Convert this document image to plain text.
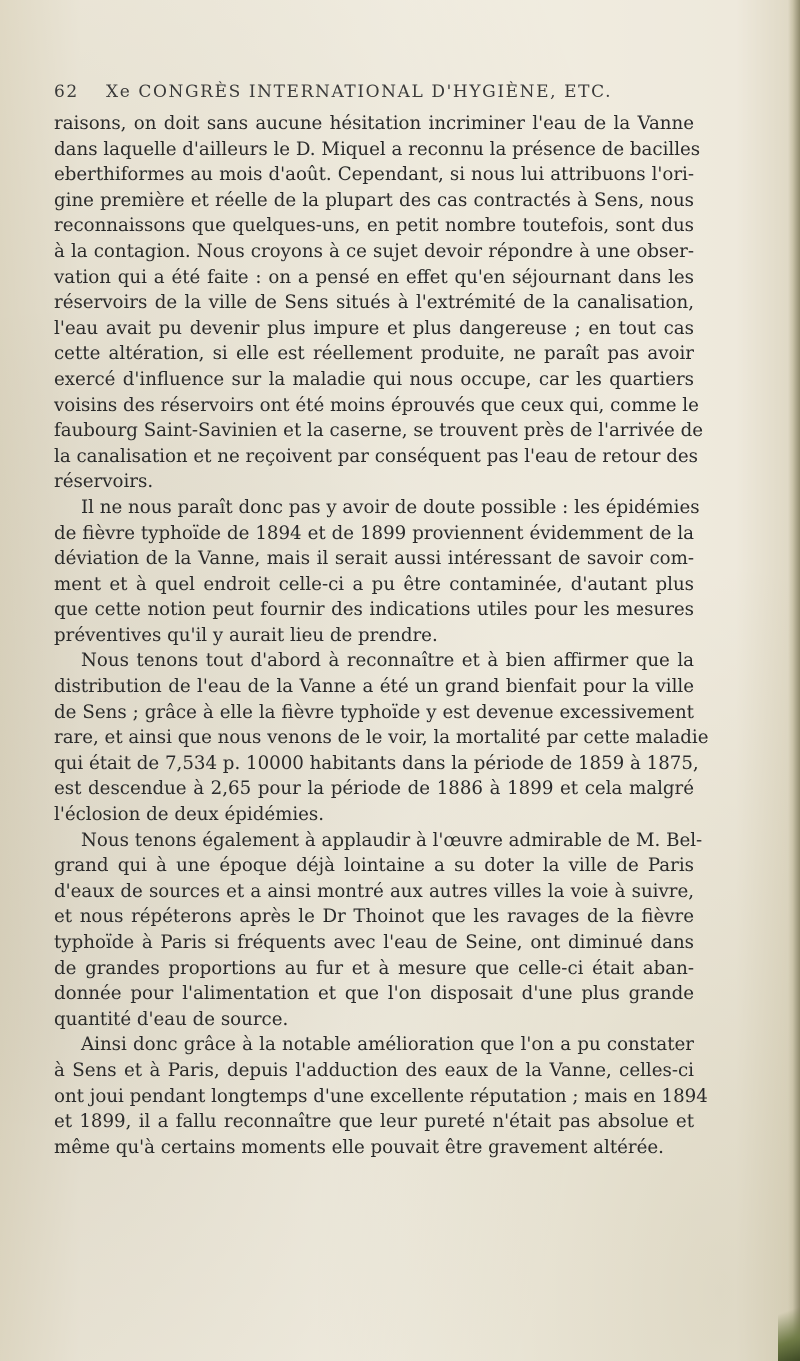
62 Xe CONGRÈS INTERNATIONAL D'HYGIÈNE, ETC.
raisons, on doit sans aucune hésitation incriminer l'eau de la Vanne
dans laquelle d'ailleurs le D. Miquel a reconnu la présence de bacilles
eberthiformes au mois d'août. Cependant, si nous lui attribuons l'ori-
gine première et réelle de la plupart des cas contractés à Sens, nous
reconnaissons que quelques-uns, en petit nombre toutefois, sont dus
à la contagion. Nous croyons à ce sujet devoir répondre à une obser-
vation qui a été faite : on a pensé en effet qu'en séjournant dans les
réservoirs de la ville de Sens situés à l'extrémité de la canalisation,
l'eau avait pu devenir plus impure et plus dangereuse ; en tout cas
cette altération, si elle est réellement produite, ne paraît pas avoir
exercé d'influence sur la maladie qui nous occupe, car les quartiers
voisins des réservoirs ont été moins éprouvés que ceux qui, comme le
faubourg Saint-Savinien et la caserne, se trouvent près de l'arrivée de
la canalisation et ne reçoivent par conséquent pas l'eau de retour des
réservoirs.
Il ne nous paraît donc pas y avoir de doute possible : les épidémies
de fièvre typhoïde de 1894 et de 1899 proviennent évidemment de la
déviation de la Vanne, mais il serait aussi intéressant de savoir com-
ment et à quel endroit celle-ci a pu être contaminée, d'autant plus
que cette notion peut fournir des indications utiles pour les mesures
préventives qu'il y aurait lieu de prendre.
Nous tenons tout d'abord à reconnaître et à bien affirmer que la
distribution de l'eau de la Vanne a été un grand bienfait pour la ville
de Sens ; grâce à elle la fièvre typhoïde y est devenue excessivement
rare, et ainsi que nous venons de le voir, la mortalité par cette maladie
qui était de 7,534 p. 10000 habitants dans la période de 1859 à 1875,
est descendue à 2,65 pour la période de 1886 à 1899 et cela malgré
l'éclosion de deux épidémies.
Nous tenons également à applaudir à l'œuvre admirable de M. Bel-
grand qui à une époque déjà lointaine a su doter la ville de Paris
d'eaux de sources et a ainsi montré aux autres villes la voie à suivre,
et nous répéterons après le Dr Thoinot que les ravages de la fièvre
typhoïde à Paris si fréquents avec l'eau de Seine, ont diminué dans
de grandes proportions au fur et à mesure que celle-ci était aban-
donnée pour l'alimentation et que l'on disposait d'une plus grande
quantité d'eau de source.
Ainsi donc grâce à la notable amélioration que l'on a pu constater
à Sens et à Paris, depuis l'adduction des eaux de la Vanne, celles-ci
ont joui pendant longtemps d'une excellente réputation ; mais en 1894
et 1899, il a fallu reconnaître que leur pureté n'était pas absolue et
même qu'à certains moments elle pouvait être gravement altérée.
